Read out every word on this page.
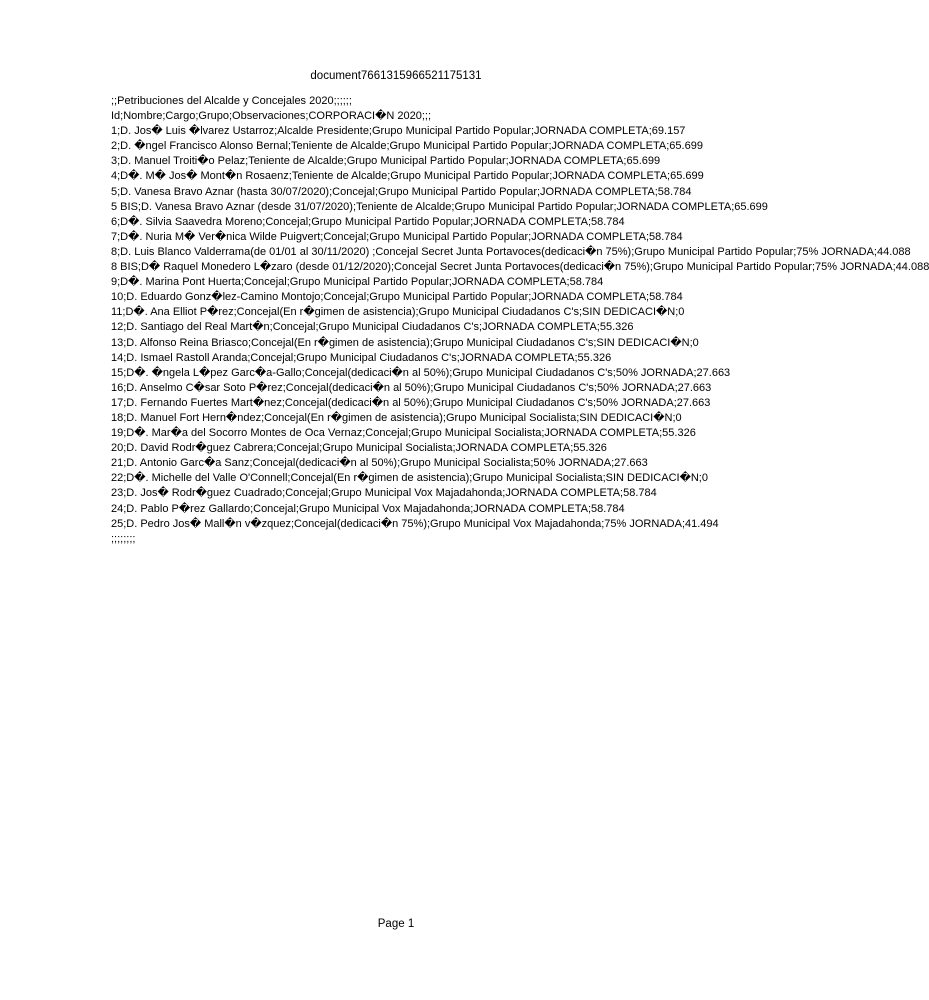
document7661315966521175131
;;Petribuciones del Alcalde y Concejales 2020;;;;;;
Id;Nombre;Cargo;Grupo;Observaciones;CORPORACI�N 2020;;;
1;D. Jos� Luis �lvarez Ustarroz;Alcalde Presidente;Grupo Municipal Partido Popular;JORNADA COMPLETA;69.157
2;D. �ngel Francisco Alonso Bernal;Teniente de Alcalde;Grupo Municipal Partido Popular;JORNADA COMPLETA;65.699
3;D. Manuel Troiti�o Pelaz;Teniente de Alcalde;Grupo Municipal Partido Popular;JORNADA COMPLETA;65.699
4;D�. M� Jos� Mont�n Rosaenz;Teniente de Alcalde;Grupo Municipal Partido Popular;JORNADA COMPLETA;65.699
5;D. Vanesa Bravo Aznar (hasta 30/07/2020);Concejal;Grupo Municipal Partido Popular;JORNADA COMPLETA;58.784
5 BIS;D. Vanesa Bravo Aznar (desde 31/07/2020);Teniente de Alcalde;Grupo Municipal Partido Popular;JORNADA COMPLETA;65.699
6;D�. Silvia Saavedra Moreno;Concejal;Grupo Municipal Partido Popular;JORNADA COMPLETA;58.784
7;D�. Nuria M� Ver�nica Wilde Puigvert;Concejal;Grupo Municipal Partido Popular;JORNADA COMPLETA;58.784
8;D. Luis Blanco Valderrama(de 01/01 al 30/11/2020) ;Concejal Secret Junta Portavoces(dedicaci�n 75%);Grupo Municipal Partido Popular;75% JORNADA;44.088
8 BIS;D� Raquel Monedero L�zaro (desde 01/12/2020);Concejal Secret Junta Portavoces(dedicaci�n 75%);Grupo Municipal Partido Popular;75% JORNADA;44.088
9;D�. Marina Pont Huerta;Concejal;Grupo Municipal Partido Popular;JORNADA COMPLETA;58.784
10;D. Eduardo Gonz�lez-Camino Montojo;Concejal;Grupo Municipal Partido Popular;JORNADA COMPLETA;58.784
11;D�. Ana Elliot P�rez;Concejal(En r�gimen de asistencia);Grupo Municipal Ciudadanos C's;SIN DEDICACI�N;0
12;D. Santiago del Real Mart�n;Concejal;Grupo Municipal Ciudadanos C's;JORNADA COMPLETA;55.326
13;D. Alfonso Reina Briasco;Concejal(En r�gimen de asistencia);Grupo Municipal Ciudadanos C's;SIN DEDICACI�N;0
14;D. Ismael Rastoll Aranda;Concejal;Grupo Municipal Ciudadanos C's;JORNADA COMPLETA;55.326
15;D�. �ngela L�pez Garc�a-Gallo;Concejal(dedicaci�n al 50%);Grupo Municipal Ciudadanos C's;50% JORNADA;27.663
16;D. Anselmo C�sar Soto P�rez;Concejal(dedicaci�n al 50%);Grupo Municipal Ciudadanos C's;50% JORNADA;27.663
17;D. Fernando Fuertes Mart�nez;Concejal(dedicaci�n al 50%);Grupo Municipal Ciudadanos C's;50% JORNADA;27.663
18;D. Manuel Fort Hern�ndez;Concejal(En r�gimen de asistencia);Grupo Municipal Socialista;SIN DEDICACI�N;0
19;D�. Mar�a del Socorro Montes de Oca Vernaz;Concejal;Grupo Municipal Socialista;JORNADA COMPLETA;55.326
20;D. David Rodr�guez Cabrera;Concejal;Grupo Municipal Socialista;JORNADA COMPLETA;55.326
21;D. Antonio Garc�a Sanz;Concejal(dedicaci�n al 50%);Grupo Municipal Socialista;50% JORNADA;27.663
22;D�. Michelle del Valle O'Connell;Concejal(En r�gimen de asistencia);Grupo Municipal Socialista;SIN DEDICACI�N;0
23;D. Jos� Rodr�guez Cuadrado;Concejal;Grupo Municipal Vox Majadahonda;JORNADA COMPLETA;58.784
24;D. Pablo P�rez Gallardo;Concejal;Grupo Municipal Vox Majadahonda;JORNADA COMPLETA;58.784
25;D. Pedro Jos� Mall�n v�zquez;Concejal(dedicaci�n 75%);Grupo Municipal Vox Majadahonda;75% JORNADA;41.494
;;;;;;;;
Page 1
